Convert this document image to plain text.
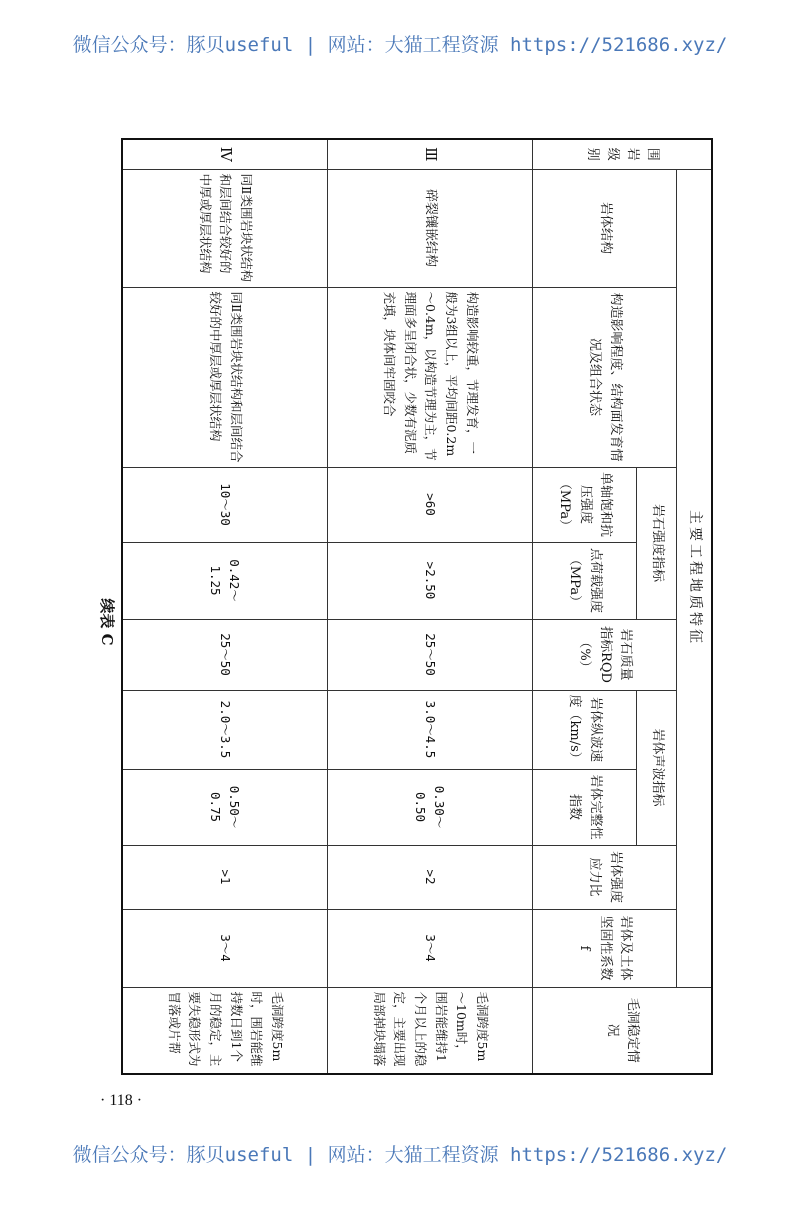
微信公众号：豚贝useful | 网站：大猫工程资源 https://521686.xyz/
续表 C
围岩级别	主要工程地质特征									毛洞稳定情况
	岩体结构	构造影响程度、结构面发育情况及组合状态	岩石强度指标		岩石质量指标RQD（%）	岩体声波指标		岩体强度应力比	岩体及土体坚固性系数 f	
			单轴饱和抗压强度（MPa）	点荷载强度（MPa）		岩体纵波速度（km/s）	岩体完整性指数			
Ⅲ	碎裂镶嵌结构	构造影响较重，节理发育，一般为3组以上，平均间距0.2m～0.4m，以构造节理为主，节理面多呈闭合状，少数有泥质充填，块体间牢固咬合	>60	>2.50	25～50	3.0～4.5	0.30～0.50	>2	3～4	毛洞跨度5m～10m时，围岩能维持1个月以上的稳定，主要出现局部掉块塌落
Ⅳ	同Ⅱ类围岩块状结构和层间结合较好的中厚或厚层状结构	同Ⅱ类围岩块状结构和层间结合较好的中厚层或厚层状结构	10～30	0.42～1.25	25～50	2.0～3.5	0.50～0.75	>1	3～4	毛洞跨度5m时，围岩能维持数日到1个月的稳定，主要失稳形式为冒落或片帮
· 118 ·
微信公众号：豚贝useful | 网站：大猫工程资源 https://521686.xyz/
